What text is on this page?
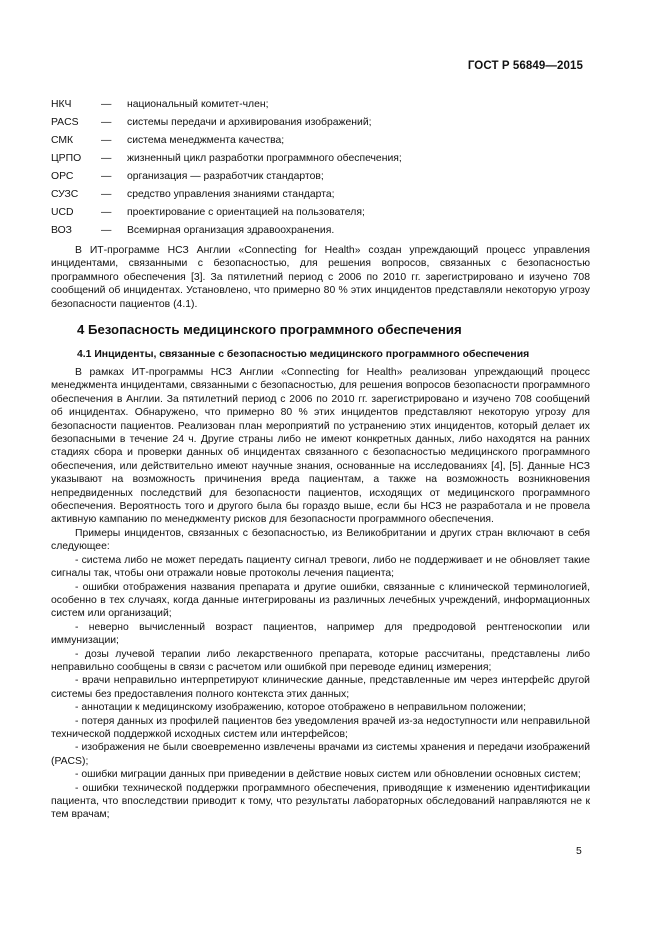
ГОСТ Р 56849—2015
НКЧ	—	национальный комитет-член;
PACS	—	системы передачи и архивирования изображений;
СМК	—	система менеджмента качества;
ЦРПО	—	жизненный цикл разработки программного обеспечения;
ОРС	—	организация — разработчик стандартов;
СУЗС	—	средство управления знаниями стандарта;
UCD	—	проектирование с ориентацией на пользователя;
ВОЗ	—	Всемирная организация здравоохранения.

В ИТ-программе НСЗ Англии «Connecting for Health» создан упреждающий процесс управления инцидентами, связанными с безопасностью, для решения вопросов, связанных с безопасностью программного обеспечения [3]. За пятилетний период с 2006 по 2010 гг. зарегистрировано и изучено 708 сообщений об инцидентах. Установлено, что примерно 80 % этих инцидентов представляли некоторую угрозу безопасности пациентов (4.1).

4 Безопасность медицинского программного обеспечения
4.1 Инциденты, связанные с безопасностью медицинского программного обеспечения

В рамках ИТ-программы НСЗ Англии «Connecting for Health» реализован упреждающий процесс менеджмента инцидентами, связанными с безопасностью, для решения вопросов безопасности программного обеспечения в Англии. За пятилетний период с 2006 по 2010 гг. зарегистрировано и изучено 708 сообщений об инцидентах. Обнаружено, что примерно 80 % этих инцидентов представляют некоторую угрозу для безопасности пациентов. Реализован план мероприятий по устранению этих инцидентов, который делает их безопасными в течение 24 ч. Другие страны либо не имеют конкретных данных, либо находятся на ранних стадиях сбора и проверки данных об инцидентах связанного с безопасностью медицинского программного обеспечения, или действительно имеют научные знания, основанные на исследованиях [4], [5]. Данные НСЗ указывают на возможность причинения вреда пациентам, а также на возможность возникновения непредвиденных последствий для безопасности пациентов, исходящих от медицинского программного обеспечения. Вероятность того и другого была бы гораздо выше, если бы НСЗ не разработала и не провела активную кампанию по менеджменту рисков для безопасности программного обеспечения.

Примеры инцидентов, связанных с безопасностью, из Великобритании и других стран включают в себя следующее:

- система либо не может передать пациенту сигнал тревоги, либо не поддерживает и не обновляет такие сигналы так, чтобы они отражали новые протоколы лечения пациента;

- ошибки отображения названия препарата и другие ошибки, связанные с клинической терминологией, особенно в тех случаях, когда данные интегрированы из различных лечебных учреждений, информационных систем или организаций;

- неверно вычисленный возраст пациентов, например для предродовой рентгеноскопии или иммунизации;

- дозы лучевой терапии либо лекарственного препарата, которые рассчитаны, представлены либо неправильно сообщены в связи с расчетом или ошибкой при переводе единиц измерения;

- врачи неправильно интерпретируют клинические данные, представленные им через интерфейс другой системы без предоставления полного контекста этих данных;

- аннотации к медицинскому изображению, которое отображено в неправильном положении;

- потеря данных из профилей пациентов без уведомления врачей из-за недоступности или неправильной технической поддержкой исходных систем или интерфейсов;

- изображения не были своевременно извлечены врачами из системы хранения и передачи изображений (PACS);

- ошибки миграции данных при приведении в действие новых систем или обновлении основных систем;

- ошибки технической поддержки программного обеспечения, приводящие к изменению идентификации пациента, что впоследствии приводит к тому, что результаты лабораторных обследований направляются не к тем врачам;

5
